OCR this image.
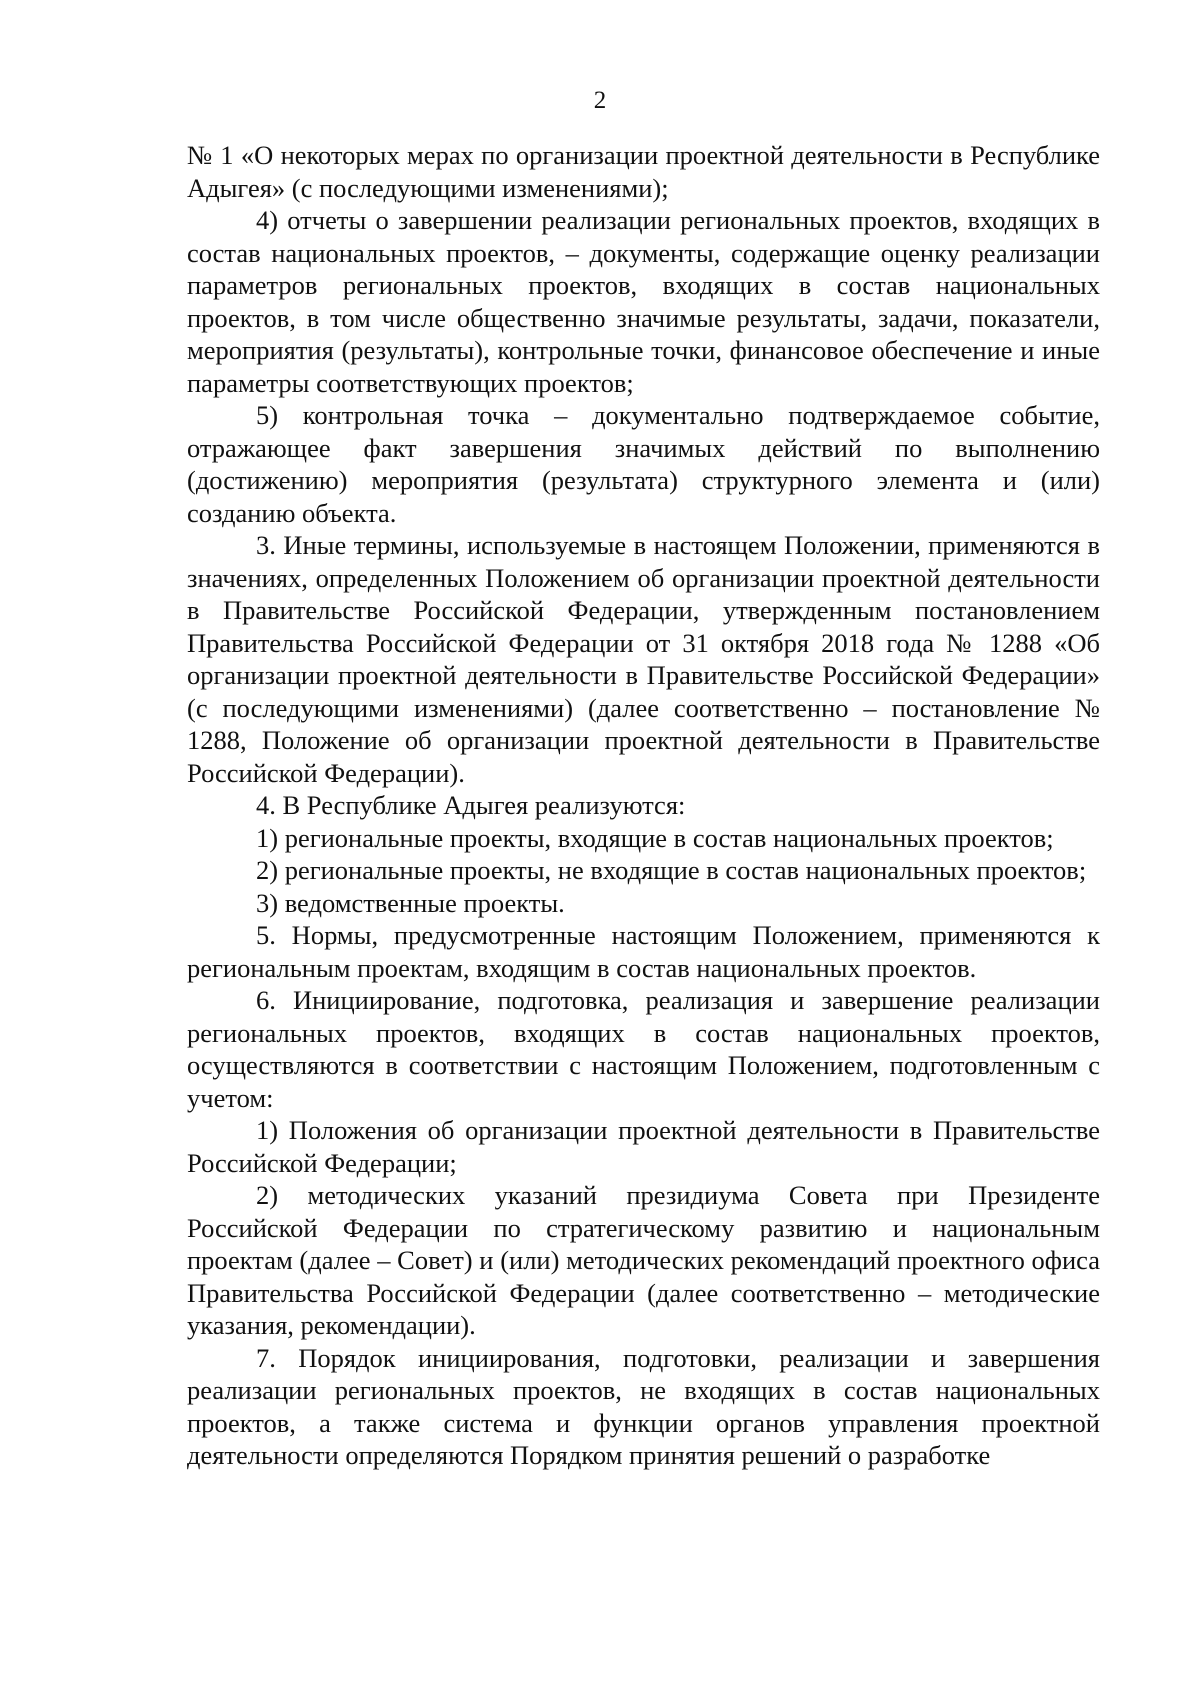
2

№ 1 «О некоторых мерах по организации проектной деятельности в Республике Адыгея» (с последующими изменениями);

4) отчеты о завершении реализации региональных проектов, входящих в состав национальных проектов, – документы, содержащие оценку реализации параметров региональных проектов, входящих в состав национальных проектов, в том числе общественно значимые результаты, задачи, показатели, мероприятия (результаты), контрольные точки, финансовое обеспечение и иные параметры соответствующих проектов;

5) контрольная точка – документально подтверждаемое событие, отражающее факт завершения значимых действий по выполнению (достижению) мероприятия (результата) структурного элемента и (или) созданию объекта.

3. Иные термины, используемые в настоящем Положении, применяются в значениях, определенных Положением об организации проектной деятельности в Правительстве Российской Федерации, утвержденным постановлением Правительства Российской Федерации от 31 октября 2018 года № 1288 «Об организации проектной деятельности в Правительстве Российской Федерации» (с последующими изменениями) (далее соответственно – постановление № 1288, Положение об организации проектной деятельности в Правительстве Российской Федерации).

4. В Республике Адыгея реализуются:

1) региональные проекты, входящие в состав национальных проектов;

2) региональные проекты, не входящие в состав национальных проектов;

3) ведомственные проекты.

5. Нормы, предусмотренные настоящим Положением, применяются к региональным проектам, входящим в состав национальных проектов.

6. Инициирование, подготовка, реализация и завершение реализации региональных проектов, входящих в состав национальных проектов, осуществляются в соответствии с настоящим Положением, подготовленным с учетом:

1) Положения об организации проектной деятельности в Правительстве Российской Федерации;

2) методических указаний президиума Совета при Президенте Российской Федерации по стратегическому развитию и национальным проектам (далее – Совет) и (или) методических рекомендаций проектного офиса Правительства Российской Федерации (далее соответственно – методические указания, рекомендации).

7. Порядок инициирования, подготовки, реализации и завершения реализации региональных проектов, не входящих в состав национальных проектов, а также система и функции органов управления проектной деятельности определяются Порядком принятия решений о разработке
